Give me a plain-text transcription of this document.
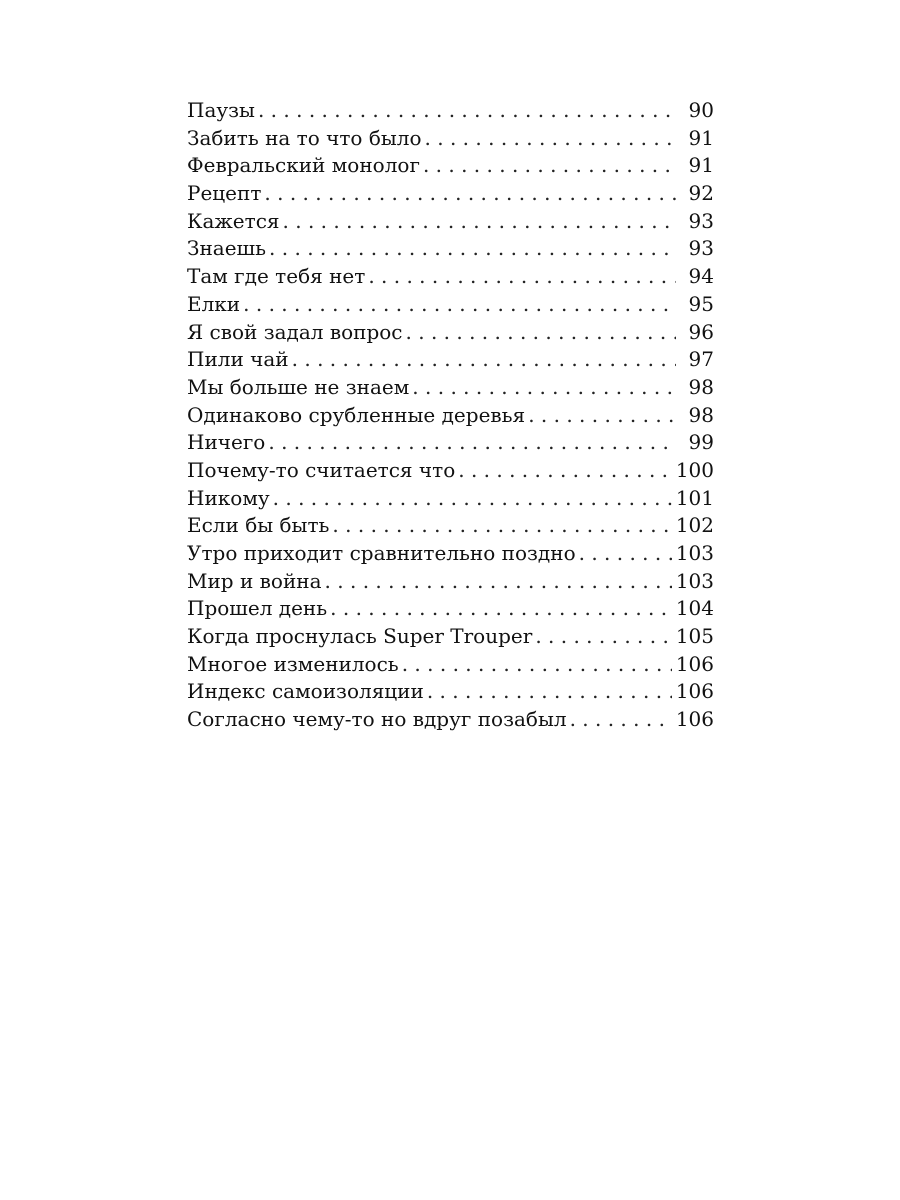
Паузы . . .	90
Забить на то что было . . .	91
Февральский монолог . . .	91
Рецепт . . .	92
Кажется . . .	93
Знаешь . . .	93
Там где тебя нет . . .	94
Елки . . .	95
Я свой задал вопрос . . .	96
Пили чай . . .	97
Мы больше не знаем . . .	98
Одинаково срубленные деревья . . .	98
Ничего . . .	99
Почему-то считается что . . .	100
Никому . . .	101
Если бы быть . . .	102
Утро приходит сравнительно поздно . . .	103
Мир и война . . .	103
Прошел день . . .	104
Когда проснулась Super Trouper . . .	105
Многое изменилось . . .	106
Индекс самоизоляции . . .	106
Согласно чему-то но вдруг позабыл . . .	106
